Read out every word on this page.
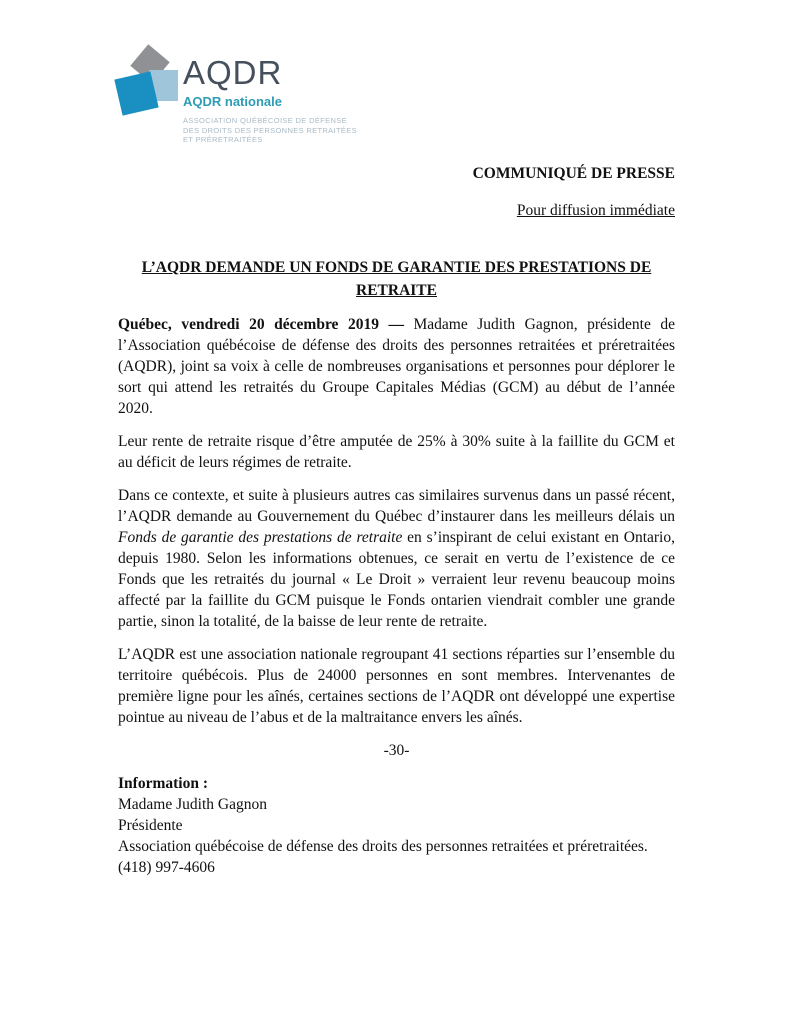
AQDR
AQDR nationale
ASSOCIATION QUÉBÉCOISE DE DÉFENSE
DES DROITS DES PERSONNES RETRAITÉES
ET PRÉRETRAITÉES
COMMUNIQUÉ DE PRESSE
Pour diffusion immédiate
L’AQDR DEMANDE UN FONDS DE GARANTIE DES PRESTATIONS DE RETRAITE

Québec, vendredi 20 décembre 2019 — Madame Judith Gagnon, présidente de l’Association québécoise de défense des droits des personnes retraitées et préretraitées (AQDR), joint sa voix à celle de nombreuses organisations et personnes pour déplorer le sort qui attend les retraités du Groupe Capitales Médias (GCM) au début de l’année 2020.

Leur rente de retraite risque d’être amputée de 25% à 30% suite à la faillite du GCM et au déficit de leurs régimes de retraite.

Dans ce contexte, et suite à plusieurs autres cas similaires survenus dans un passé récent, l’AQDR demande au Gouvernement du Québec d’instaurer dans les meilleurs délais un Fonds de garantie des prestations de retraite en s’inspirant de celui existant en Ontario, depuis 1980. Selon les informations obtenues, ce serait en vertu de l’existence de ce Fonds que les retraités du journal « Le Droit » verraient leur revenu beaucoup moins affecté par la faillite du GCM puisque le Fonds ontarien viendrait combler une grande partie, sinon la totalité, de la baisse de leur rente de retraite.

L’AQDR est une association nationale regroupant 41 sections réparties sur l’ensemble du territoire québécois. Plus de 24000 personnes en sont membres. Intervenantes de première ligne pour les aînés, certaines sections de l’AQDR ont développé une expertise pointue au niveau de l’abus et de la maltraitance envers les aînés.

-30-
Information :
Madame Judith Gagnon
Présidente
Association québécoise de défense des droits des personnes retraitées et préretraitées.
(418) 997-4606
